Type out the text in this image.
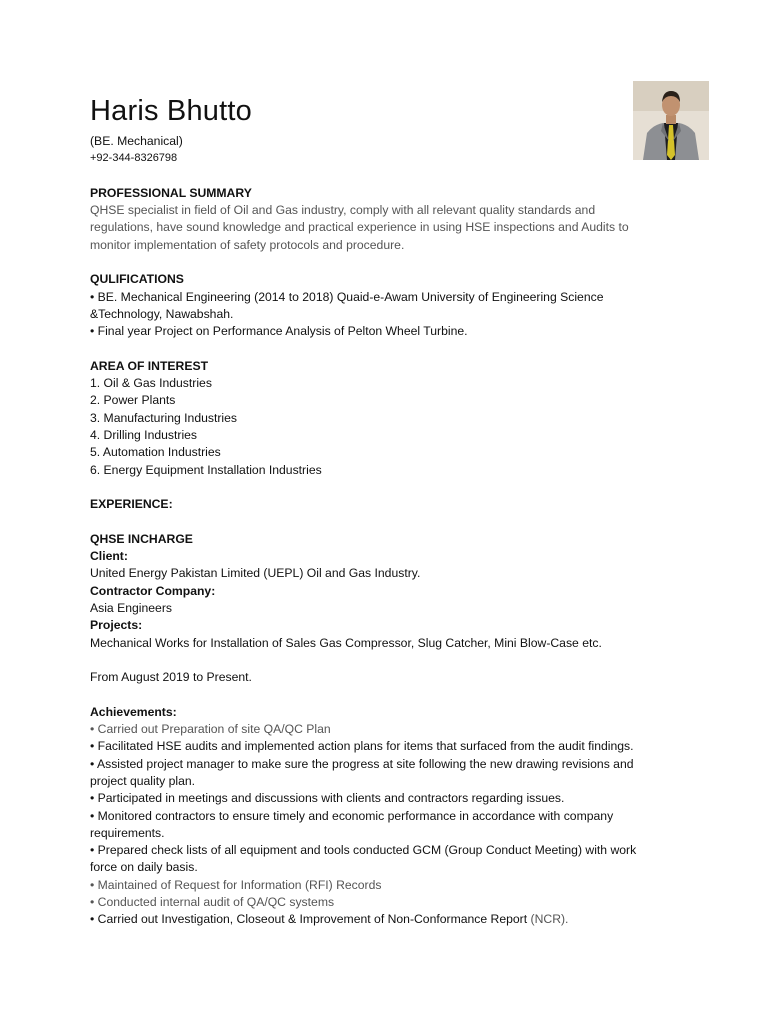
Haris Bhutto
(BE. Mechanical)
+92-344-8326798
PROFESSIONAL SUMMARY
QHSE specialist in field of Oil and Gas industry, comply with all relevant quality standards and
regulations, have sound knowledge and practical experience in using HSE inspections and Audits to
monitor implementation of safety protocols and procedure.
QULIFICATIONS
• BE. Mechanical Engineering (2014 to 2018) Quaid-e-Awam University of Engineering Science
&Technology, Nawabshah.
• Final year Project on Performance Analysis of Pelton Wheel Turbine.
AREA OF INTEREST
1. Oil & Gas Industries
2. Power Plants
3. Manufacturing Industries
4. Drilling Industries
5. Automation Industries
6. Energy Equipment Installation Industries
EXPERIENCE:
QHSE INCHARGE
Client:
United Energy Pakistan Limited (UEPL) Oil and Gas Industry.
Contractor Company:
Asia Engineers
Projects:
Mechanical Works for Installation of Sales Gas Compressor, Slug Catcher, Mini Blow-Case etc.
From August 2019 to Present.
Achievements:
• Carried out Preparation of site QA/QC Plan
• Facilitated HSE audits and implemented action plans for items that surfaced from the audit findings.
• Assisted project manager to make sure the progress at site following the new drawing revisions and
project quality plan.
• Participated in meetings and discussions with clients and contractors regarding issues.
• Monitored contractors to ensure timely and economic performance in accordance with company
requirements.
• Prepared check lists of all equipment and tools conducted GCM (Group Conduct Meeting) with work
force on daily basis.
• Maintained of Request for Information (RFI) Records
• Conducted internal audit of QA/QC systems
• Carried out Investigation, Closeout & Improvement of Non-Conformance Report (NCR).
